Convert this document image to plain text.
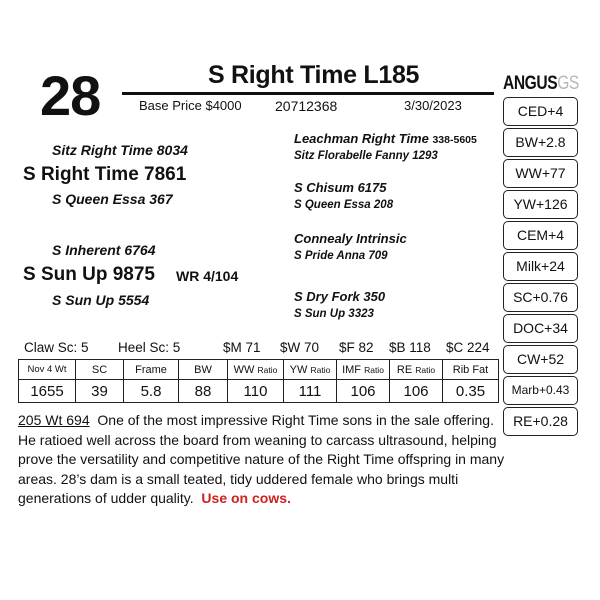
28	S Right Time L185
Base Price $4000 20712368	3/30/2023
ANGUSGS
CED+4
BW+2.8
WW+77
YW+126
CEM+4
Milk+24
SC+0.76
DOC+34
CW+52
Marb+0.43
RE+0.28
Sitz Right Time 8034
S Right Time 7861
S Queen Essa 367
S Inherent 6764
S Sun Up 9875 WR 4/104
S Sun Up 5554
Leachman Right Time 338-5605
Sitz Florabelle Fanny 1293
S Chisum 6175
S Queen Essa 208
Connealy Intrinsic
S Pride Anna 709
S Dry Fork 350
S Sun Up 3323
Claw Sc: 5 Heel Sc: 5	$M 71 $W 70 $F 82 $B 118 $C 224
Nov 4 Wt	SC	Frame	BW	WW Ratio	YW Ratio	IMF Ratio	RE Ratio	Rib Fat
1655	39	5.8	88	110	111	106	106	0.35
205 Wt 694 One of the most impressive Right Time sons in the sale offering. He ratioed well across the board from weaning to carcass ultrasound, helping prove the versatility and competitive nature of the Right Time offspring in many areas. 28’s dam is a small teated, tidy uddered female who brings multi generations of udder quality. Use on cows.
